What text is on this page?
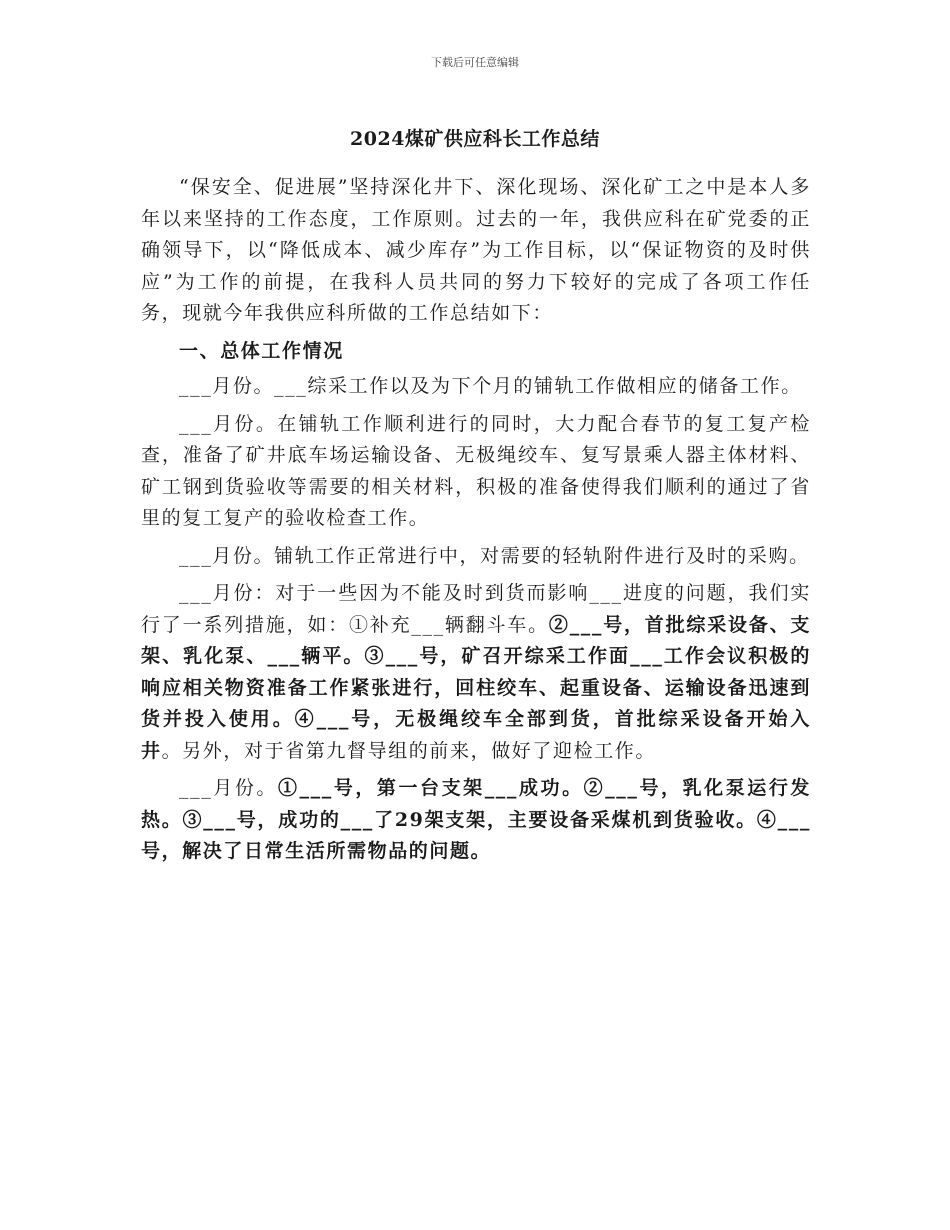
下载后可任意编辑
2024煤矿供应科长工作总结

“保安全、促进展”坚持深化井下、深化现场、深化矿工之中是本人多年以来坚持的工作态度，工作原则。过去的一年，我供应科在矿党委的正确领导下，以“降低成本、减少库存”为工作目标，以“保证物资的及时供应”为工作的前提，在我科人员共同的努力下较好的完成了各项工作任务，现就今年我供应科所做的工作总结如下：

一、总体工作情况

___月份。___综采工作以及为下个月的铺轨工作做相应的储备工作。

___月份。在铺轨工作顺利进行的同时，大力配合春节的复工复产检查，准备了矿井底车场运输设备、无极绳绞车、复写景乘人器主体材料、矿工钢到货验收等需要的相关材料，积极的准备使得我们顺利的通过了省里的复工复产的验收检查工作。

___月份。铺轨工作正常进行中，对需要的轻轨附件进行及时的采购。

___月份：对于一些因为不能及时到货而影响___进度的问题，我们实行了一系列措施，如：①补充___辆翻斗车。②___号，首批综采设备、支架、乳化泵、___辆平。③___号，矿召开综采工作面___工作会议积极的响应相关物资准备工作紧张进行，回柱绞车、起重设备、运输设备迅速到货并投入使用。④___号，无极绳绞车全部到货，首批综采设备开始入井。另外，对于省第九督导组的前来，做好了迎检工作。

___月份。①___号，第一台支架___成功。②___号，乳化泵运行发热。③___号，成功的___了29架支架，主要设备采煤机到货验收。④___号，解决了日常生活所需物品的问题。
